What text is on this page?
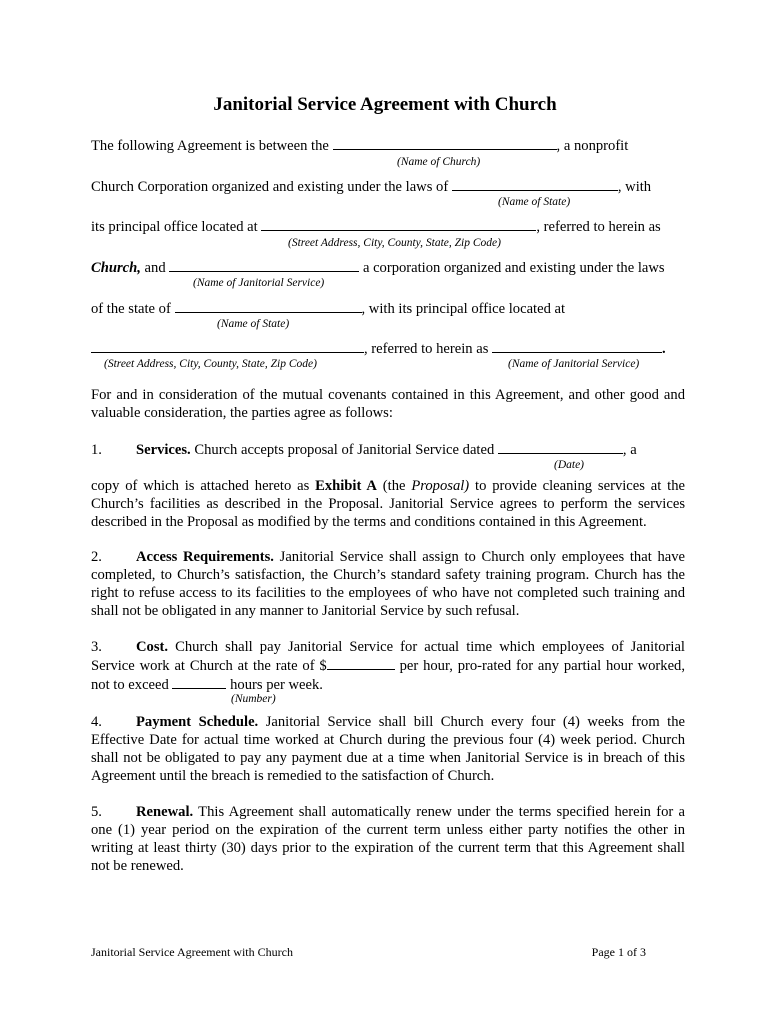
Janitorial Service Agreement with Church
The following Agreement is between the	, a nonprofit
(Name of Church)
Church Corporation organized and existing under the laws of	, with
(Name of State)
its principal office located at	, referred to herein as
(Street Address, City, County, State, Zip Code)
Church, and	a corporation organized and existing under the laws
(Name of Janitorial Service)
of the state of	, with its principal office located at
(Name of State)
, referred to herein as	.
(Street Address, City, County, State, Zip Code)	(Name of Janitorial Service)
For and in consideration of the mutual covenants contained in this Agreement, and other good and valuable consideration, the parties agree as follows:
1. Services. Church accepts proposal of Janitorial Service dated	, a
(Date)
copy of which is attached hereto as Exhibit A (the Proposal) to provide cleaning services at the Church’s facilities as described in the Proposal. Janitorial Service agrees to perform the services described in the Proposal as modified by the terms and conditions contained in this Agreement.
2. Access Requirements. Janitorial Service shall assign to Church only employees that have completed, to Church’s satisfaction, the Church’s standard safety training program. Church has the right to refuse access to its facilities to the employees of who have not completed such training and shall not be obligated in any manner to Janitorial Service by such refusal.
3. Cost. Church shall pay Janitorial Service for actual time which employees of Janitorial Service work at Church at the rate of $	per hour, pro-rated for any partial hour worked, not to exceed	hours per week.
(Number)
4. Payment Schedule. Janitorial Service shall bill Church every four (4) weeks from the Effective Date for actual time worked at Church during the previous four (4) week period. Church shall not be obligated to pay any payment due at a time when Janitorial Service is in breach of this Agreement until the breach is remedied to the satisfaction of Church.
5. Renewal. This Agreement shall automatically renew under the terms specified herein for a one (1) year period on the expiration of the current term unless either party notifies the other in writing at least thirty (30) days prior to the expiration of the current term that this Agreement shall not be renewed.
Janitorial Service Agreement with Church	Page 1 of 3
